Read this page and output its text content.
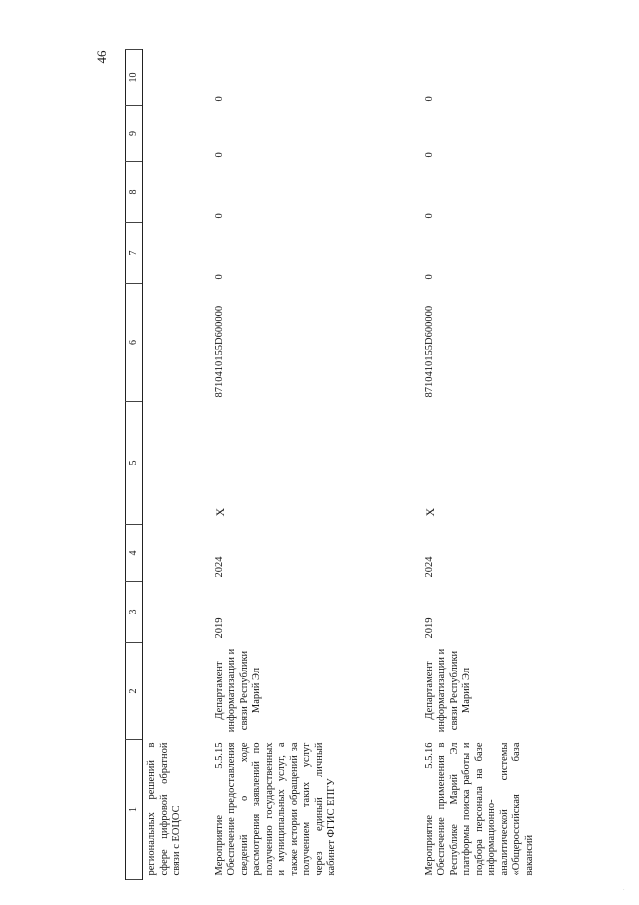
46
1	2	3	4	5	6	7	8	9	10
региональных решений в сфере цифровой обратной связи с ЕОЦОС									
Мероприятие 5.5.15 Обеспечение предоставления сведений о ходе рассмотрения заявлений по получению государственных и муниципальных услуг, а также истории обращений за получением таких услуг через единый личный кабинет ФГИС ЕПГУ	Департамент информатизации и связи Республики Марий Эл	2019	2024	Х	8710410155D600000	0	0	0	0
Мероприятие 5.5.16 Обеспечение применения в Республике Марий Эл платформы поиска работы и подбора персонала на базе информационно-аналитической системы «Общероссийская база вакансий	Департамент информатизации и связи Республики Марий Эл	2019	2024	Х	8710410155D600000	0	0	0	0
·
